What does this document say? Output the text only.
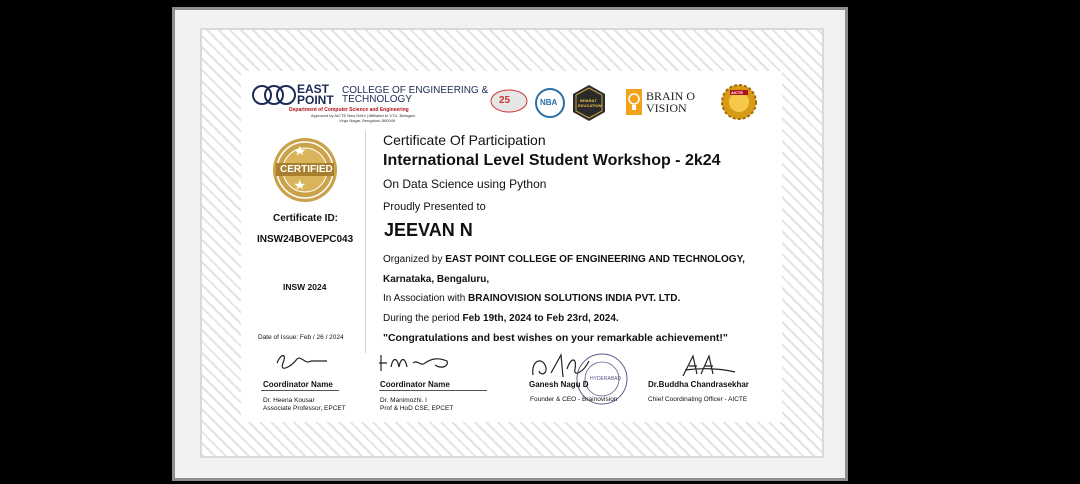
EAST
POINT
COLLEGE OF ENGINEERING &
TECHNOLOGY
Department of Computer Science and Engineering
Approved by AICTE New Delhi | Affiliated to VTU, Belagavi.
Virgo Nagar, Bengaluru-560049
25	NBA	BHARAT
EDUCATION
BRAIN O
VISION
AICTE
CERTIFIED
Certificate ID:
INSW24BOVEPC043
INSW 2024
Date of Issue: Feb / 26 / 2024
Certificate Of Participation
International Level Student Workshop - 2k24
On Data Science using Python
Proudly Presented to
JEEVAN N
Organized by EAST POINT COLLEGE OF ENGINEERING AND TECHNOLOGY,
Karnataka, Bengaluru,
In Association with BRAINOVISION SOLUTIONS INDIA PVT. LTD.
During the period Feb 19th, 2024 to Feb 23rd, 2024.
"Congratulations and best wishes on your remarkable achievement!"
Coordinator Name
Dr. Heena Kousar
Associate Professor, EPCET
Coordinator Name
Dr. Manimozhi. I
Prof & HoD CSE, EPCET
HYDERABAD
Ganesh Nagu D
Founder & CEO - Brainovision
Dr.Buddha Chandrasekhar
Chief Coordinating Officer - AICTE
